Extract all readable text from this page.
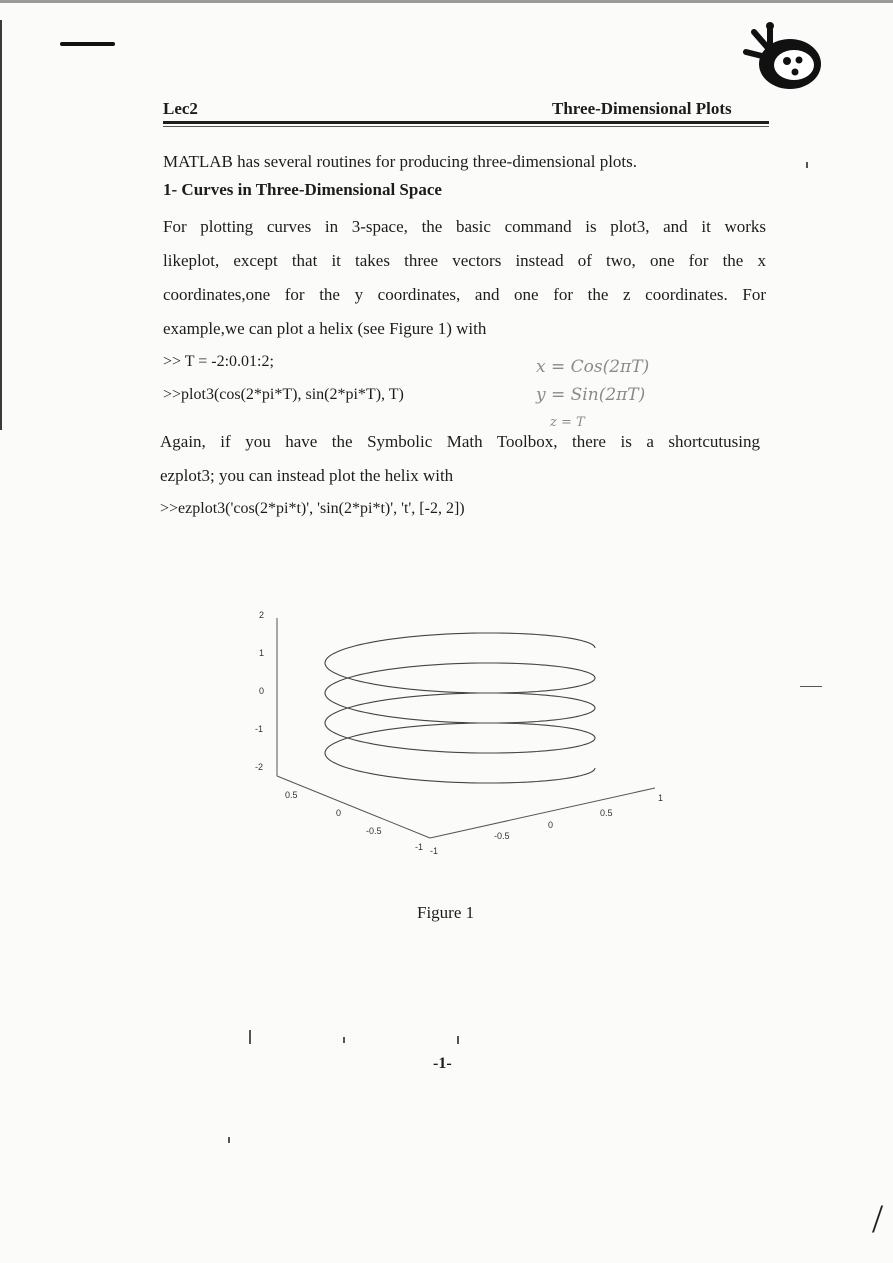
Lec2	Three-Dimensional Plots
MATLAB has several routines for producing three-dimensional plots.
1- Curves in Three-Dimensional Space
For plotting curves in 3-space, the basic command is plot3, and it works
likeplot, except that it takes three vectors instead of two, one for the x
coordinates,one for the y coordinates, and one for the z coordinates. For
example,we can plot a helix (see Figure 1) with
>> T = -2:0.01:2;
>>plot3(cos(2*pi*T), sin(2*pi*T), T)
x = Cos(2πT)
y = Sin(2πT)
z = T
Again, if you have the Symbolic Math Toolbox, there is a shortcutusing
ezplot3; you can instead plot the helix with
>>ezplot3('cos(2*pi*t)', 'sin(2*pi*t)', 't', [-2, 2])
2
1
0
-1
-2
0.5
0
-0.5
-1 -1
-0.5
0
0.5
1
Figure 1
-1-
/
